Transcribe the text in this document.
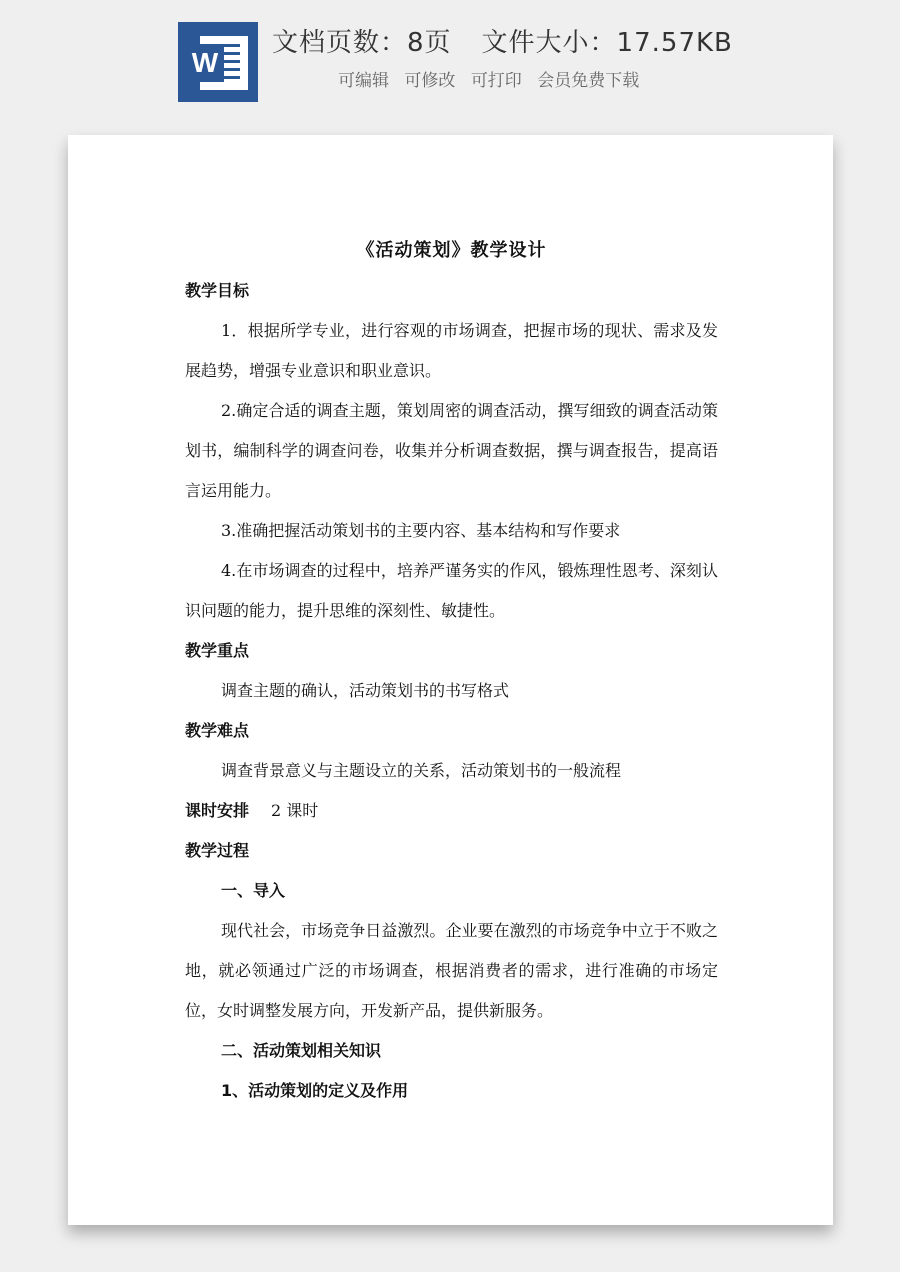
W
文档页数：8页 文件大小：17.57KB
可编辑 可修改 可打印 会员免费下载
《活动策划》教学设计
教学目标

1．根据所学专业，进行容观的市场调查，把握市场的现状、需求及发展趋势，增强专业意识和职业意识。

2.确定合适的调查主题，策划周密的调查活动，撰写细致的调查活动策划书，编制科学的调查问卷，收集并分析调查数据，撰与调查报告，提高语言运用能力。

3.准确把握活动策划书的主要内容、基本结构和写作要求

4.在市场调查的过程中，培养严谨务实的作风，锻炼理性恩考、深刻认识问题的能力，提升思维的深刻性、敏捷性。

教学重点
调查主题的确认，活动策划书的书写格式
教学难点
调查背景意义与主题设立的关系，活动策划书的一般流程
课时安排 2 课时
教学过程
一、导入

现代社会，市场竞争日益激烈。企业要在激烈的市场竞争中立于不败之地，就必领通过广泛的市场调查，根据消费者的需求，进行准确的市场定位，女时调整发展方向，开发新产品，提供新服务。

二、活动策划相关知识
1、活动策划的定义及作用
